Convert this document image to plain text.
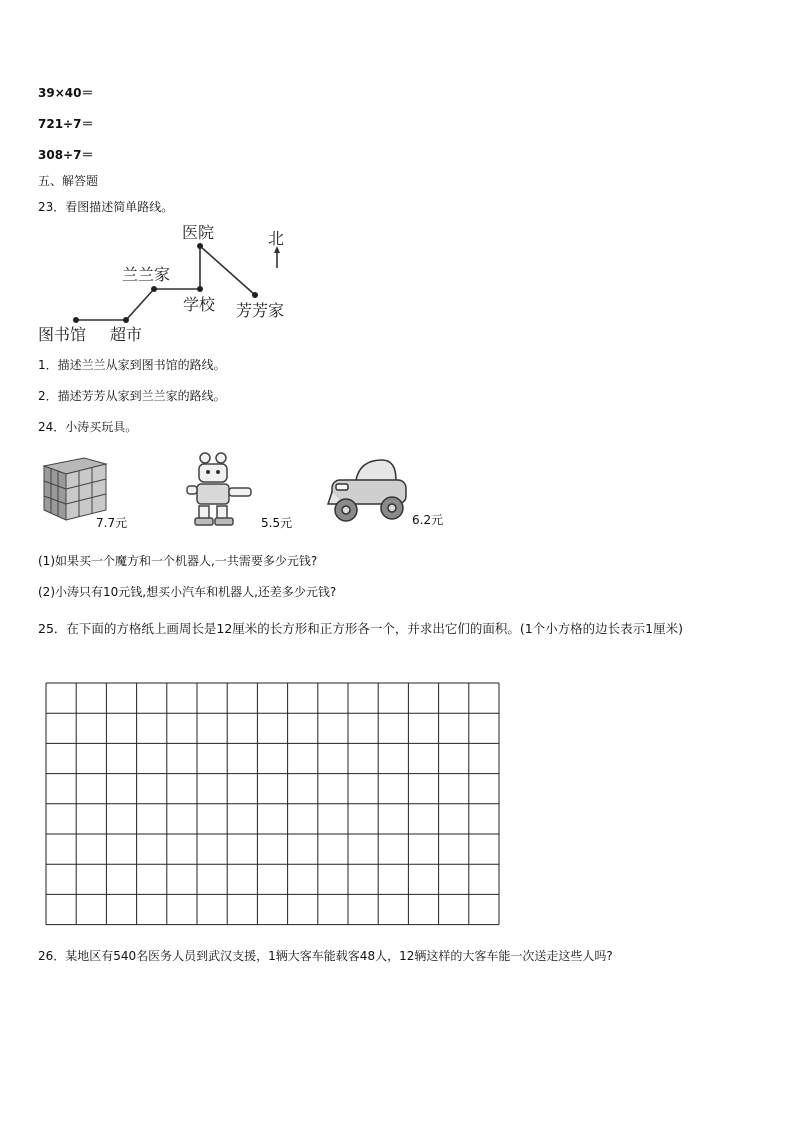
39×40＝
721÷7＝
308÷7＝
五、解答题
23．看图描述简单路线。
北
医院
兰兰家
学校 芳芳家
图书馆 超市
1．描述兰兰从家到图书馆的路线。
2．描述芳芳从家到兰兰家的路线。
24．小涛买玩具。
7.7元	5.5元	6.2元
(1)如果买一个魔方和一个机器人,一共需要多少元钱?
(2)小涛只有10元钱,想买小汽车和机器人,还差多少元钱?
25．在下面的方格纸上画周长是12厘米的长方形和正方形各一个，并求出它们的面积。(1个小方格的边长表示1厘米)
26．某地区有540名医务人员到武汉支援，1辆大客车能载客48人，12辆这样的大客车能一次送走这些人吗?
